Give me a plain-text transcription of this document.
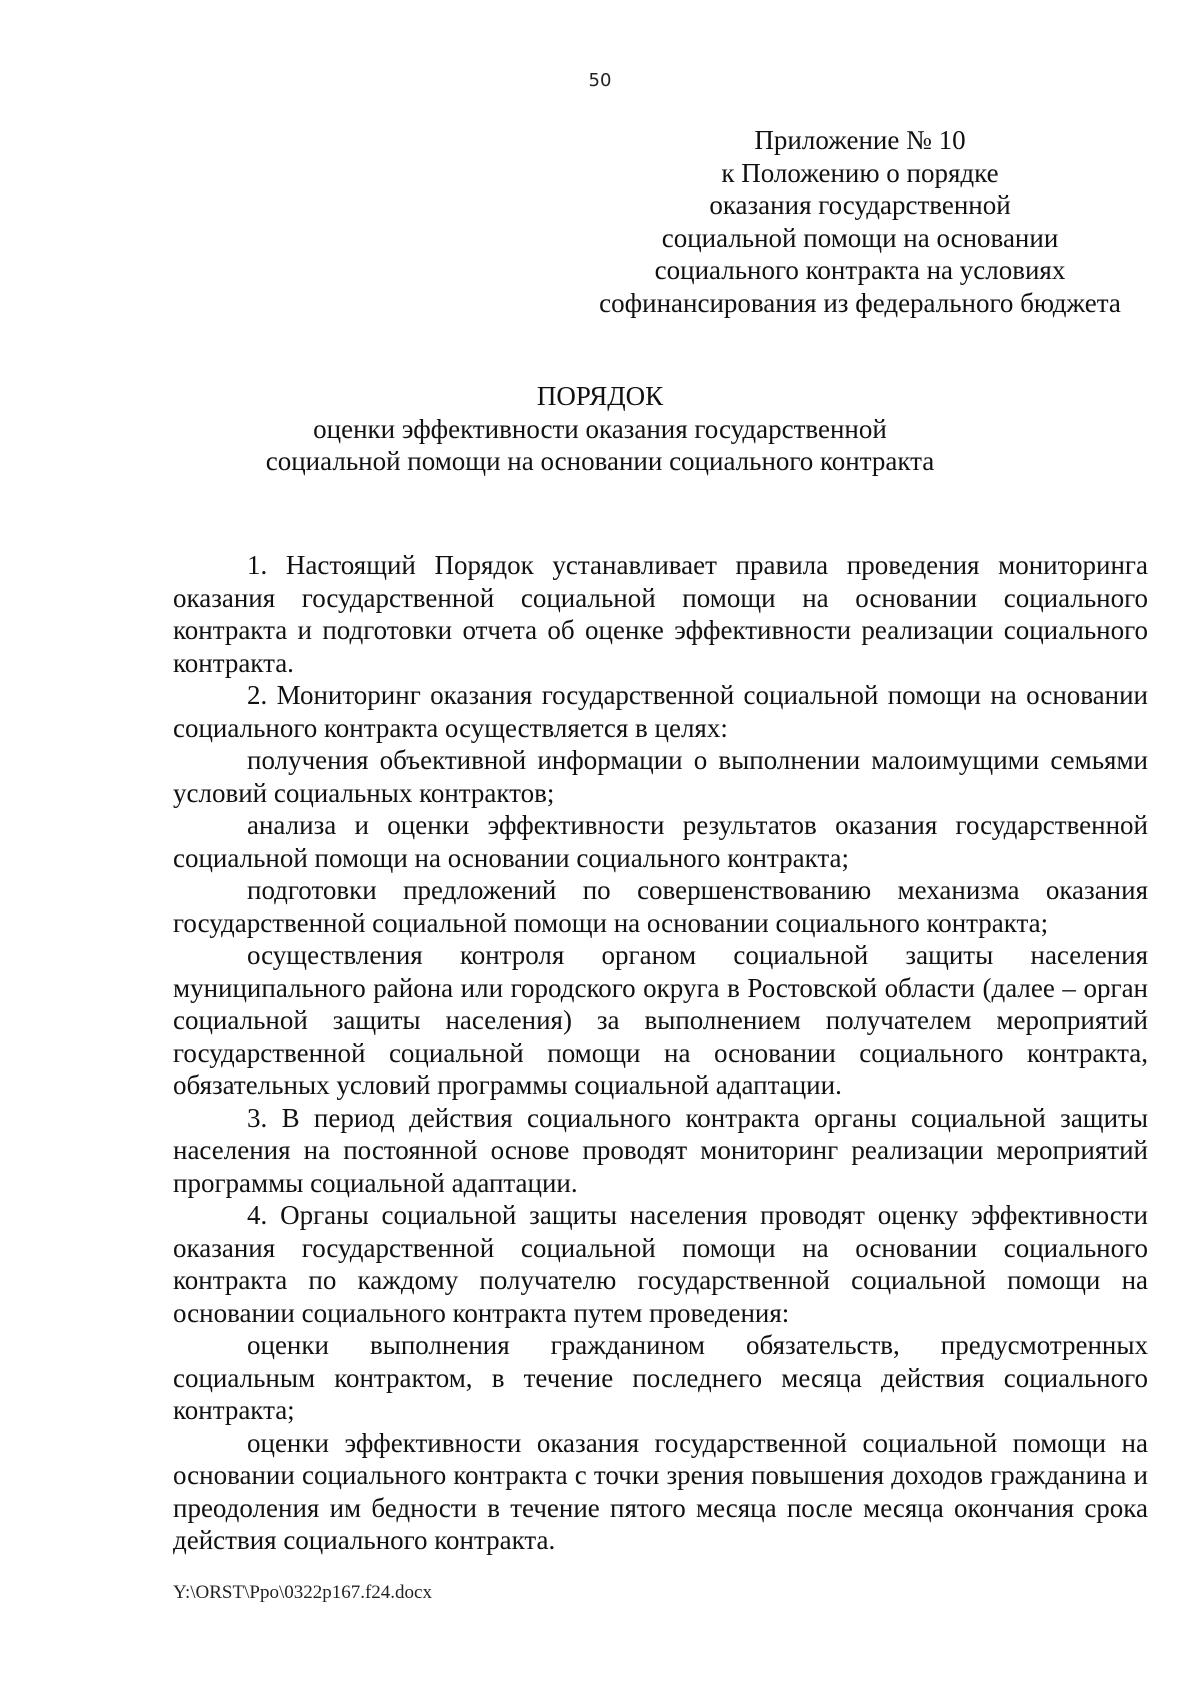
50
Приложение № 10
к Положению о порядке
оказания государственной
социальной помощи на основании
социального контракта на условиях
софинансирования из федерального бюджета
ПОРЯДОК
оценки эффективности оказания государственной
социальной помощи на основании социального контракта

1. Настоящий Порядок устанавливает правила проведения мониторинга оказания государственной социальной помощи на основании социального контракта и подготовки отчета об оценке эффективности реализации социального контракта.

2. Мониторинг оказания государственной социальной помощи на основании социального контракта осуществляется в целях:

получения объективной информации о выполнении малоимущими семьями условий социальных контрактов;

анализа и оценки эффективности результатов оказания государственной социальной помощи на основании социального контракта;

подготовки предложений по совершенствованию механизма оказания государственной социальной помощи на основании социального контракта;

осуществления контроля органом социальной защиты населения муниципального района или городского округа в Ростовской области (далее – орган социальной защиты населения) за выполнением получателем мероприятий государственной социальной помощи на основании социального контракта, обязательных условий программы социальной адаптации.

3. В период действия социального контракта органы социальной защиты населения на постоянной основе проводят мониторинг реализации мероприятий программы социальной адаптации.

4. Органы социальной защиты населения проводят оценку эффективности оказания государственной социальной помощи на основании социального контракта по каждому получателю государственной социальной помощи на основании социального контракта путем проведения:

оценки выполнения гражданином обязательств, предусмотренных социальным контрактом, в течение последнего месяца действия социального контракта;

оценки эффективности оказания государственной социальной помощи на основании социального контракта с точки зрения повышения доходов гражданина и преодоления им бедности в течение пятого месяца после месяца окончания срока действия социального контракта.

Y:\ORST\Ppo\0322p167.f24.docx
